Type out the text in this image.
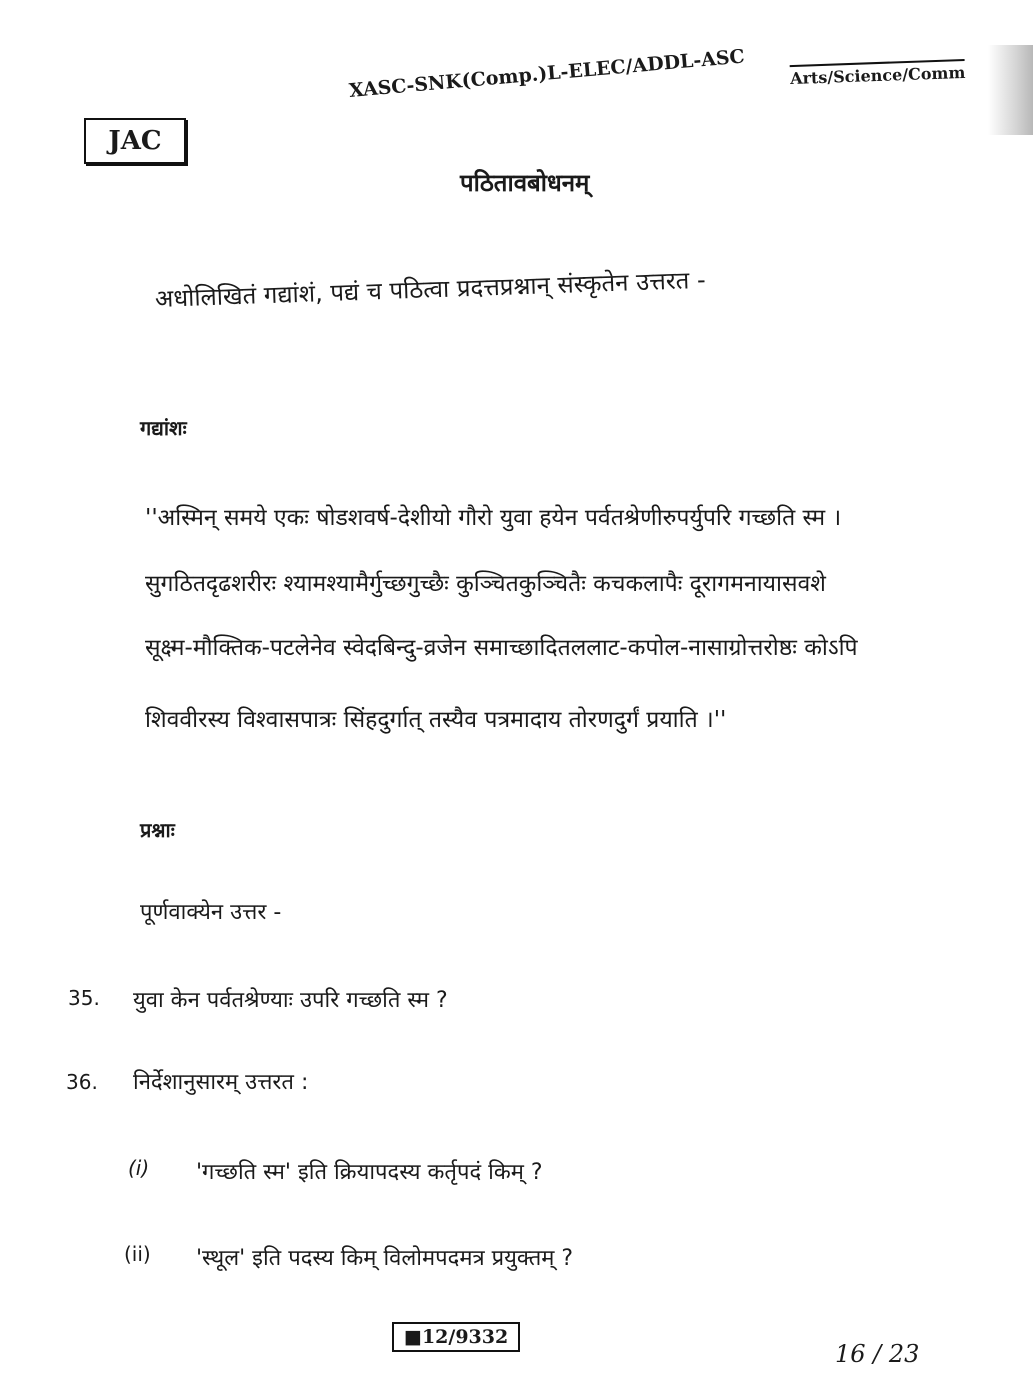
JAC
XASC-SNK(Comp.)L-ELEC/ADDL-ASC	Arts/Science/Comm
पठितावबोधनम्
अधोलिखितं गद्यांशं, पद्यं च पठित्वा प्रदत्तप्रश्नान् संस्कृतेन उत्तरत -
गद्यांशः
''अस्मिन् समये एकः षोडशवर्ष-देशीयो गौरो युवा हयेन पर्वतश्रेणीरुपर्युपरि गच्छति स्म ।
सुगठितदृढशरीरः श्यामश्यामैर्गुच्छगुच्छैः कुञ्चितकुञ्चितैः कचकलापैः दूरागमनायासवशे
सूक्ष्म-मौक्तिक-पटलेनेव स्वेदबिन्दु-व्रजेन समाच्छादितललाट-कपोल-नासाग्रोत्तरोष्ठः कोऽपि
शिववीरस्य विश्वासपात्रः सिंहदुर्गात् तस्यैव पत्रमादाय तोरणदुर्गं प्रयाति ।''
प्रश्नाः
पूर्णवाक्येन उत्तर -
35. युवा केन पर्वतश्रेण्याः उपरि गच्छति स्म ?
36. निर्देशानुसारम् उत्तरत :
(i) 'गच्छति स्म' इति क्रियापदस्य कर्तृपदं किम् ?
(ii) 'स्थूल' इति पदस्य किम् विलोमपदमत्र प्रयुक्तम् ?
■12/9332
16 / 23
